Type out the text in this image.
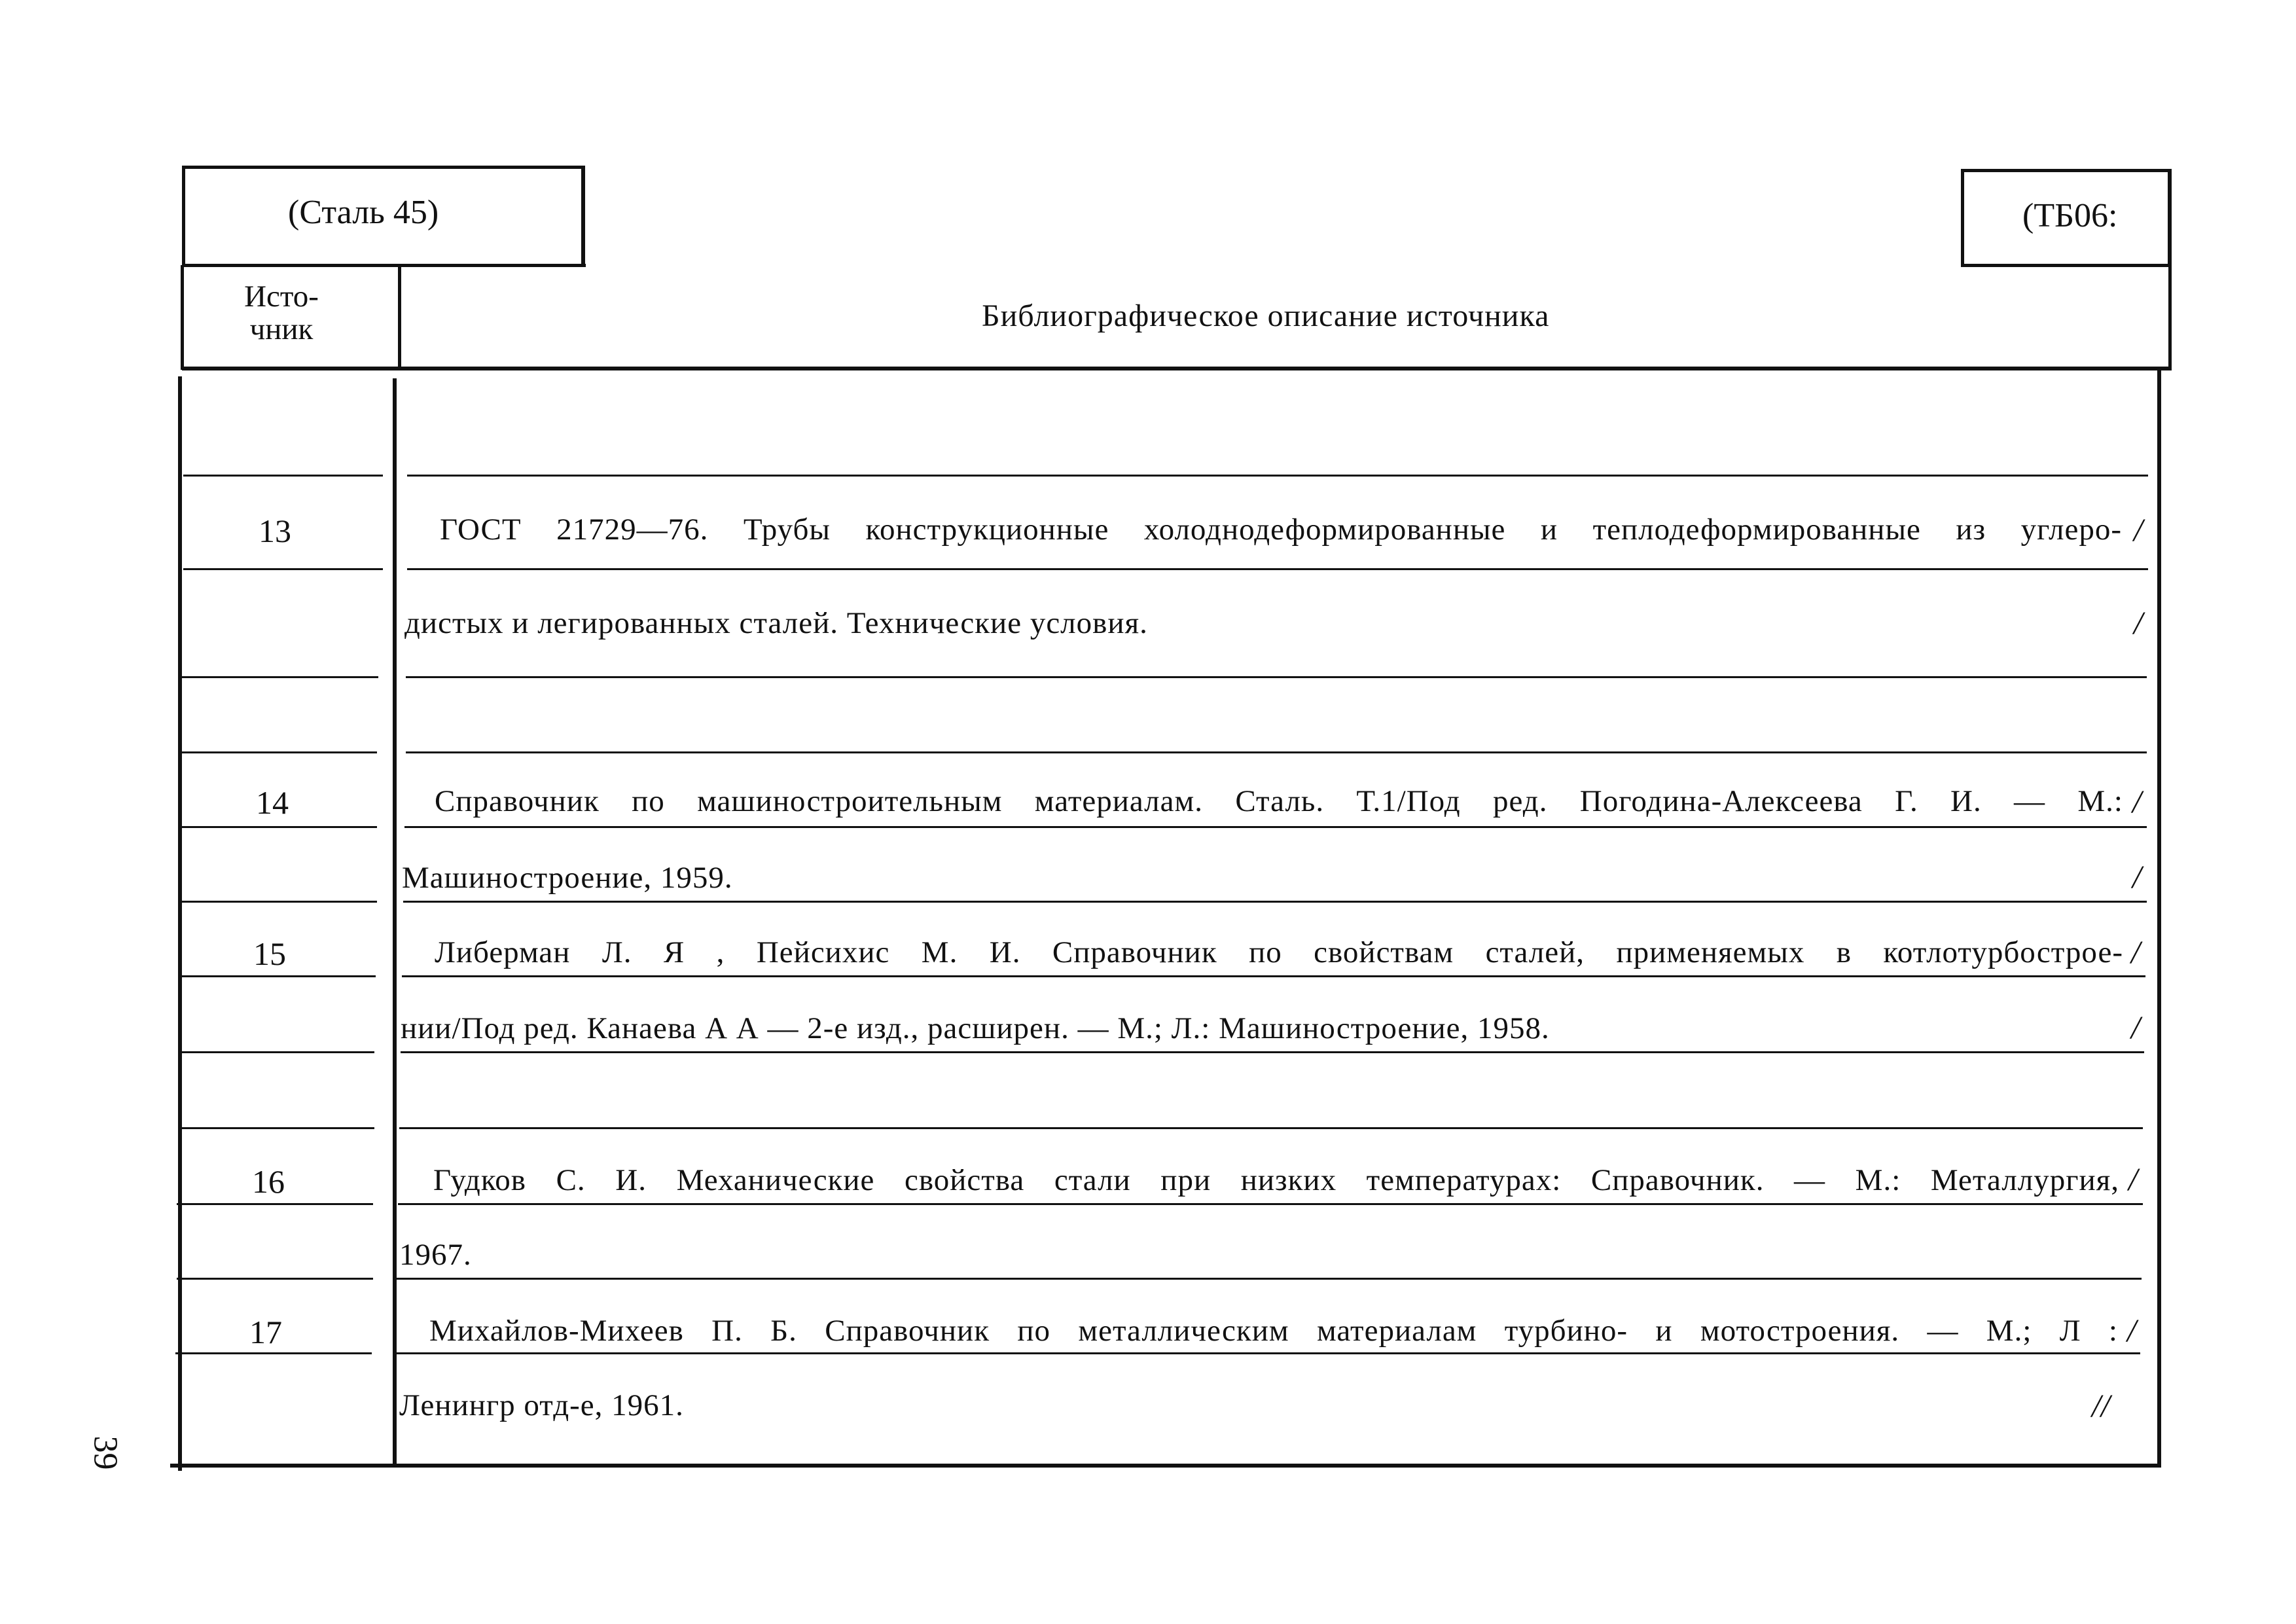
(Сталь 45)	(ТБ06:
Исто-
чник	Библиографическое описание источника
13	ГОСТ 21729—76. Трубы конструкционные холоднодеформированные и теплодеформированные из углеро- /
дистых и легированных сталей. Технические условия.	/
14	Справочник по машиностроительным материалам. Сталь. Т.1/Под ред. Погодина-Алексеева Г. И. — М.: /
Машиностроение, 1959.	/
15	Либерман Л. Я , Пейсихис М. И. Справочник по свойствам сталей, применяемых в котлотурбострое- /
нии/Под ред. Канаева А А — 2-е изд., расширен. — М.; Л.: Машиностроение, 1958.	/
16	Гудков С. И. Механические свойства стали при низких температурах: Справочник. — М.: Металлургия, /
1967.
17	Михайлов-Михеев П. Б. Справочник по металлическим материалам турбино- и мотостроения. — М.; Л : /
Ленингр отд-е, 1961.	//
39
